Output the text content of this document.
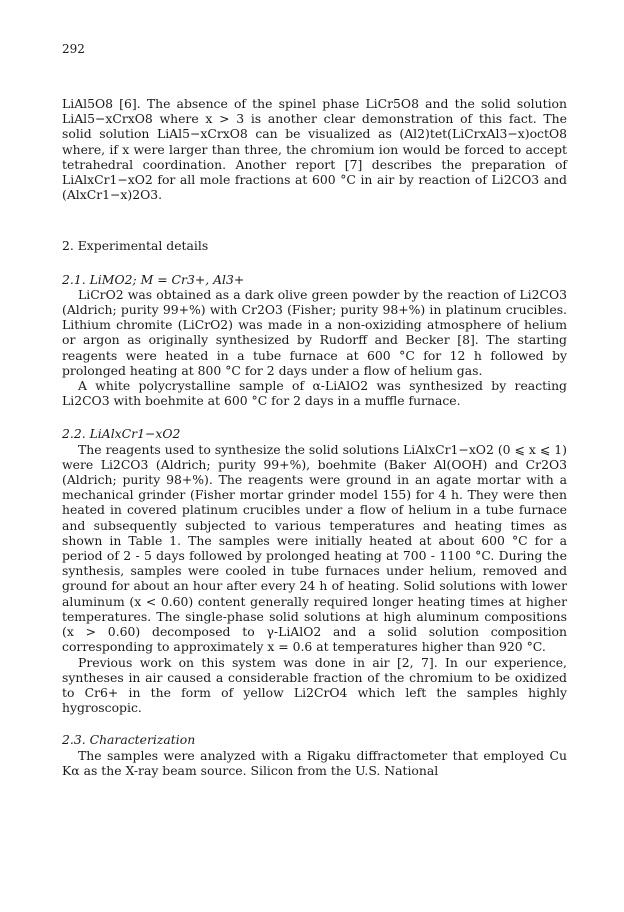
292

LiAl5O8 [6]. The absence of the spinel phase LiCr5O8 and the solid solution LiAl5−xCrxO8 where x > 3 is another clear demonstration of this fact. The solid solution LiAl5−xCrxO8 can be visualized as (Al2)tet(LiCrxAl3−x)octO8 where, if x were larger than three, the chromium ion would be forced to accept tetrahedral coordination. Another report [7] describes the preparation of LiAlxCr1−xO2 for all mole fractions at 600 °C in air by reaction of Li2CO3 and (AlxCr1−x)2O3.

2. Experimental details

2.1. LiMO2; M = Cr3+, Al3+

LiCrO2 was obtained as a dark olive green powder by the reaction of Li2CO3 (Aldrich; purity 99+%) with Cr2O3 (Fisher; purity 98+%) in platinum crucibles. Lithium chromite (LiCrO2) was made in a non-oxiziding atmosphere of helium or argon as originally synthesized by Rudorff and Becker [8]. The starting reagents were heated in a tube furnace at 600 °C for 12 h followed by prolonged heating at 800 °C for 2 days under a flow of helium gas.

A white polycrystalline sample of α-LiAlO2 was synthesized by reacting Li2CO3 with boehmite at 600 °C for 2 days in a muffle furnace.

2.2. LiAlxCr1−xO2

The reagents used to synthesize the solid solutions LiAlxCr1−xO2 (0 ⩽ x ⩽ 1) were Li2CO3 (Aldrich; purity 99+%), boehmite (Baker Al(OOH) and Cr2O3 (Aldrich; purity 98+%). The reagents were ground in an agate mortar with a mechanical grinder (Fisher mortar grinder model 155) for 4 h. They were then heated in covered platinum crucibles under a flow of helium in a tube furnace and subsequently subjected to various temperatures and heating times as shown in Table 1. The samples were initially heated at about 600 °C for a period of 2 - 5 days followed by prolonged heating at 700 - 1100 °C. During the synthesis, samples were cooled in tube furnaces under helium, removed and ground for about an hour after every 24 h of heating. Solid solutions with lower aluminum (x < 0.60) content generally required longer heating times at higher temperatures. The single-phase solid solutions at high aluminum compositions (x > 0.60) decomposed to γ-LiAlO2 and a solid solution composition corresponding to approximately x = 0.6 at temperatures higher than 920 °C.

Previous work on this system was done in air [2, 7]. In our experience, syntheses in air caused a considerable fraction of the chromium to be oxidized to Cr6+ in the form of yellow Li2CrO4 which left the samples highly hygroscopic.

2.3. Characterization

The samples were analyzed with a Rigaku diffractometer that employed Cu Kα as the X-ray beam source. Silicon from the U.S. National
